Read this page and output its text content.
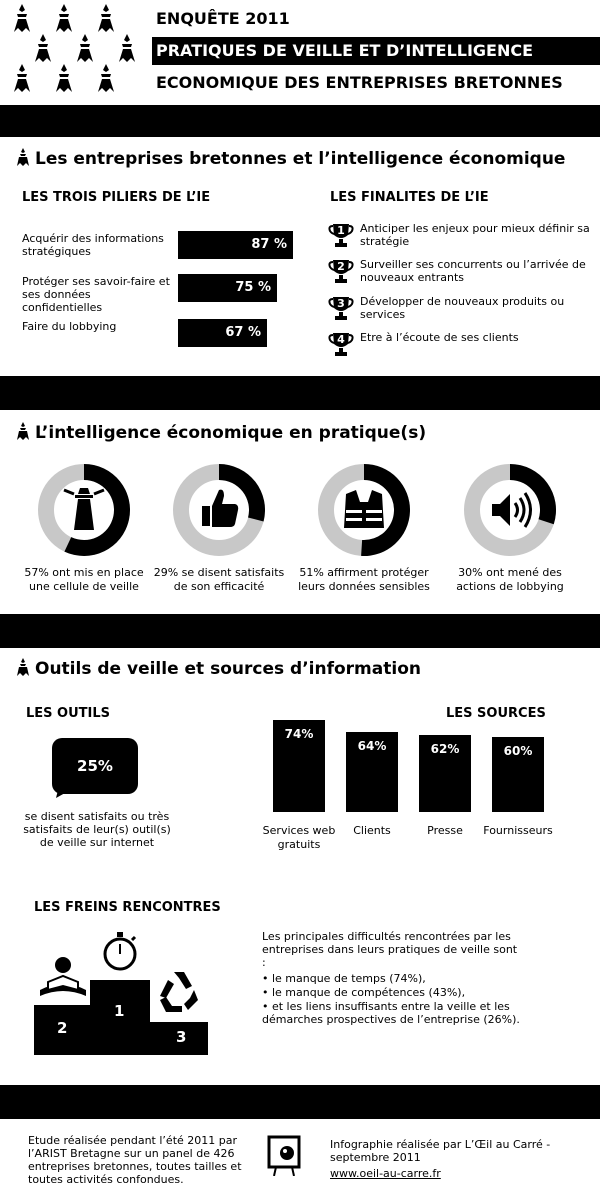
ENQUÊTE 2011
PRATIQUES DE VEILLE ET D’INTELLIGENCE
ECONOMIQUE DES ENTREPRISES BRETONNES
Les entreprises bretonnes et l’intelligence économique
LES TROIS PILIERS DE L’IE	LES FINALITES DE L’IE
Acquérir des informations stratégiques	87 %
Protéger ses savoir-faire et ses données confidentielles
75 %
Faire du lobbying	67 %
1	Anticiper les enjeux pour mieux définir sa stratégie
2	Surveiller ses concurrents ou l’arrivée de nouveaux entrants
3	Développer de nouveaux produits ou services
4	Etre à l’écoute de ses clients
L’intelligence économique en pratique(s)
57% ont mis en place une cellule de veille
29% se disent satisfaits de son efficacité
51% affirment protéger leurs données sensibles
30% ont mené des actions de lobbying
Outils de veille et sources d’information
LES OUTILS
25%
se disent satisfaits ou très satisfaits de leur(s) outil(s) de veille sur internet
LES SOURCES
74%
Services web gratuits
64%
Clients
62%
Presse
60%
Fournisseurs
LES FREINS RENCONTRES
2
1
3
Les principales difficultés rencontrées par les entreprises dans leurs pratiques de veille sont :
• le manque de temps (74%),
• le manque de compétences (43%),
• et les liens insuffisants entre la veille et les démarches prospectives de l’entreprise (26%).
Etude réalisée pendant l’été 2011 par l’ARIST Bretagne sur un panel de 426 entreprises bretonnes, toutes tailles et toutes activités confondues.
Infographie réalisée par L’Œil au Carré - septembre 2011
www.oeil-au-carre.fr
